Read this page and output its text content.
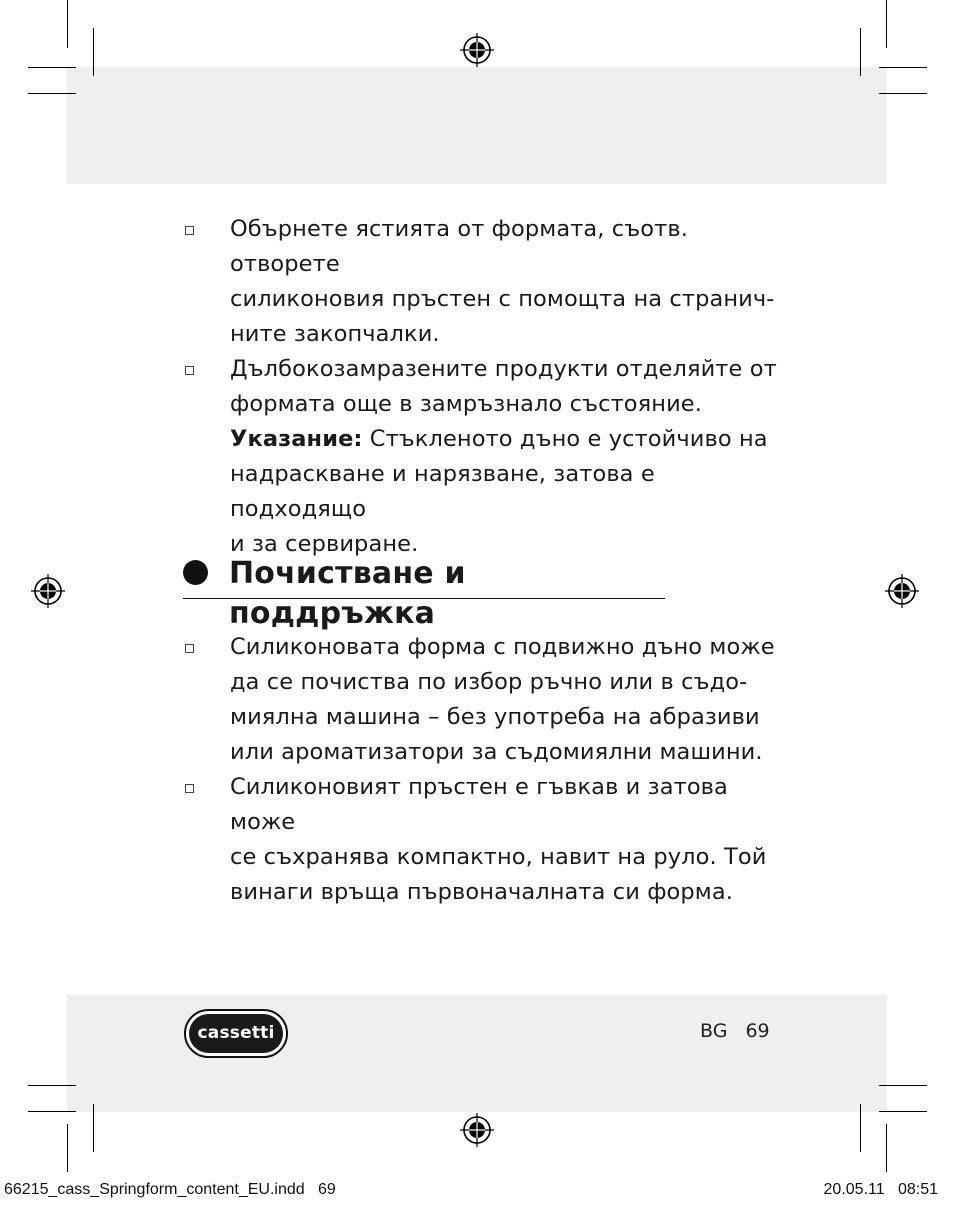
Обърнете ястията от формата, съотв. отворете
силиконовия пръстен с помощта на странич-
ните закопчалки.
Дълбокозамразените продукти отделяйте от
формата още в замръзнало състояние.
Указание: Стъкленото дъно е устойчиво на
надраскване и нарязване, затова е подходящо
и за сервиране.
Почистване и поддръжка
Силиконовата форма с подвижно дъно може
да се почиства по избор ръчно или в съдо-
миялна машина – без употреба на абразиви
или ароматизатори за съдомиялни машини.
Силиконовият пръстен е гъвкав и затова може
се съхранява компактно, навит на руло. Той
винаги връща първоначалната си форма.
cassetti	BG 69
66215_cass_Springform_content_EU.indd   69	20.05.11   08:51
